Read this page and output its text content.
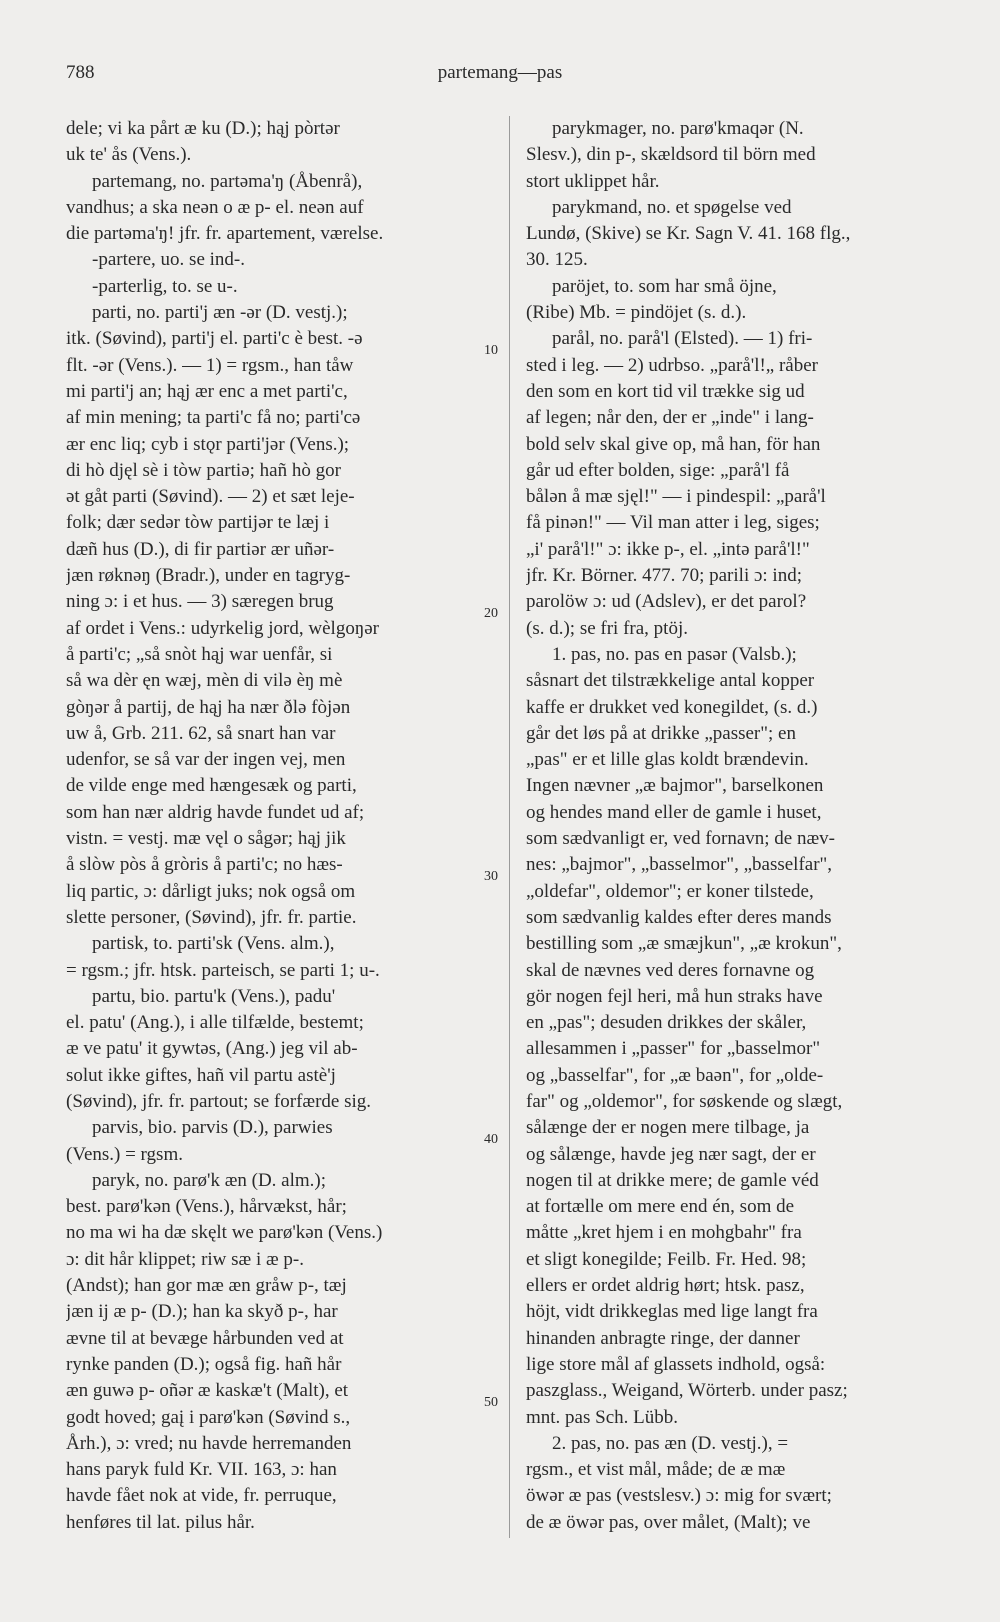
788	partemang—pas
10
20
30
40
50
dele; vi ka pårt æ ku (D.); hąj pòrtər
uk te' ås (Vens.).
partemang, no. partəma'ŋ (Åbenrå),
vandhus; a ska neən o æ p- el. neən auf
die partəma'ŋ! jfr. fr. apartement, værelse.
-partere, uo. se ind-.
-parterlig, to. se u-.
parti, no. parti'j æn -ər (D. vestj.);
itk. (Søvind), parti'j el. parti'c è best. -ə
flt. -ər (Vens.). — 1) = rgsm., han tåw
mi parti'j an; hąj ær enc a met parti'c,
af min mening; ta parti'c få no; parti'cə
ær enc liq; cyb i stǫr parti'jər (Vens.);
di hò djęl sè i tòw partiə; hañ hò gor
ət gåt parti (Søvind). — 2) et sæt leje-
folk; dær sedər tòw partijər te læj i
dæñ hus (D.), di fir partiər ær uñər-
jæn røknəŋ (Bradr.), under en tagryg-
ning ɔ: i et hus. — 3) særegen brug
af ordet i Vens.: udyrkelig jord, wèlgoŋər
å parti'c; „så snòt hąj war uenfår, si
så wa dèr ęn wæj, mèn di vilə èŋ mè
gòŋər å partij, de hąj ha nær ðlə fòjən
uw å, Grb. 211. 62, så snart han var
udenfor, se så var der ingen vej, men
de vilde enge med hængesæk og parti,
som han nær aldrig havde fundet ud af;
vistn. = vestj. mæ vęl o sågər; hąj jik
å slòw pòs å gròris å parti'c; no hæs-
liq partic, ɔ: dårligt juks; nok også om
slette personer, (Søvind), jfr. fr. partie.
partisk, to. parti'sk (Vens. alm.),
= rgsm.; jfr. htsk. parteisch, se parti 1; u-.
partu, bio. partu'k (Vens.), padu'
el. patu' (Ang.), i alle tilfælde, bestemt;
æ ve patu' it gywtəs, (Ang.) jeg vil ab-
solut ikke giftes, hañ vil partu astè'j
(Søvind), jfr. fr. partout; se forfærde sig.
parvis, bio. parvis (D.), parwies
(Vens.) = rgsm.
paryk, no. parø'k æn (D. alm.);
best. parø'kən (Vens.), hårvækst, hår;
no ma wi ha dæ skęlt we parø'kən (Vens.)
ɔ: dit hår klippet; riw sæ i æ p-.
(Andst); han gor mæ æn gråw p-, tæj
jæn ij æ p- (D.); han ka skyð p-, har
ævne til at bevæge hårbunden ved at
rynke panden (D.); også fig. hañ hår
æn guwə p- oñər æ kaskæ't (Malt), et
godt hoved; gaį i parø'kən (Søvind s.,
Årh.), ɔ: vred; nu havde herremanden
hans paryk fuld Kr. VII. 163, ɔ: han
havde fået nok at vide, fr. perruque,
henføres til lat. pilus hår.
parykmager, no. parø'kmaqər (N.
Slesv.), din p-, skældsord til börn med
stort uklippet hår.
parykmand, no. et spøgelse ved
Lundø, (Skive) se Kr. Sagn V. 41. 168 flg.,
30. 125.
paröjet, to. som har små öjne,
(Ribe) Mb. = pindöjet (s. d.).
parål, no. parå'l (Elsted). — 1) fri-
sted i leg. — 2) udrbso. „parå'l!„ råber
den som en kort tid vil trække sig ud
af legen; når den, der er „inde" i lang-
bold selv skal give op, må han, för han
går ud efter bolden, sige: „parå'l få
bålən å mæ sjęl!" — i pindespil: „parå'l
få pinən!" — Vil man atter i leg, siges;
„i' parå'l!" ɔ: ikke p-, el. „intə parå'l!"
jfr. Kr. Börner. 477. 70; parili ɔ: ind;
parolöw ɔ: ud (Adslev), er det parol?
(s. d.); se fri fra, ptöj.
1. pas, no. pas en pasər (Valsb.);
såsnart det tilstrækkelige antal kopper
kaffe er drukket ved konegildet, (s. d.)
går det løs på at drikke „passer"; en
„pas" er et lille glas koldt brændevin.
Ingen nævner „æ bajmor", barselkonen
og hendes mand eller de gamle i huset,
som sædvanligt er, ved fornavn; de næv-
nes: „bajmor", „basselmor", „basselfar",
„oldefar", oldemor"; er koner tilstede,
som sædvanlig kaldes efter deres mands
bestilling som „æ smæjkun", „æ krokun",
skal de nævnes ved deres fornavne og
gör nogen fejl heri, må hun straks have
en „pas"; desuden drikkes der skåler,
allesammen i „passer" for „basselmor"
og „basselfar", for „æ baən", for „olde-
far" og „oldemor", for søskende og slægt,
sålænge der er nogen mere tilbage, ja
og sålænge, havde jeg nær sagt, der er
nogen til at drikke mere; de gamle véd
at fortælle om mere end én, som de
måtte „kret hjem i en mohgbahr" fra
et sligt konegilde; Feilb. Fr. Hed. 98;
ellers er ordet aldrig hørt; htsk. pasz,
höjt, vidt drikkeglas med lige langt fra
hinanden anbragte ringe, der danner
lige store mål af glassets indhold, også:
paszglass., Weigand, Wörterb. under pasz;
mnt. pas Sch. Lübb.
2. pas, no. pas æn (D. vestj.), =
rgsm., et vist mål, måde; de æ mæ
öwər æ pas (vestslesv.) ɔ: mig for svært;
de æ öwər pas, over målet, (Malt); ve
